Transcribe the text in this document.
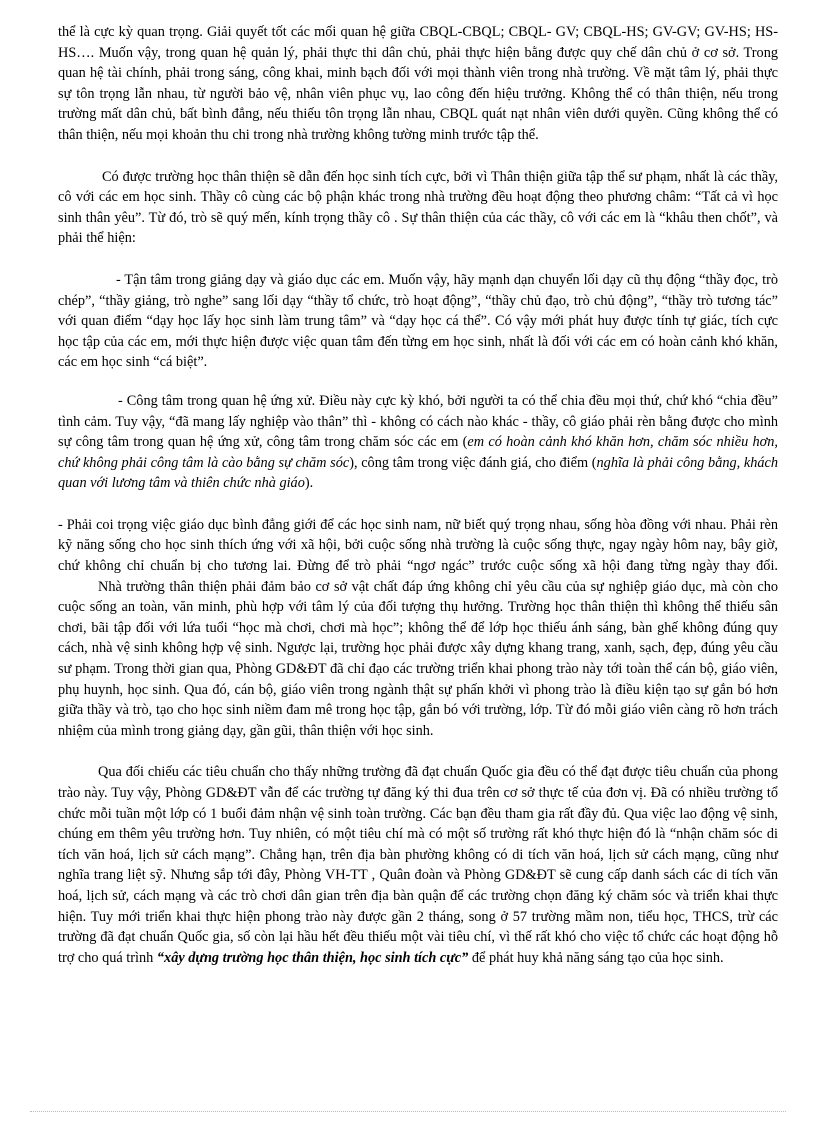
thể là cực kỳ quan trọng. Giải quyết tốt các mối quan hệ giữa CBQL-CBQL; CBQL- GV; CBQL-HS; GV-GV; GV-HS; HS-HS…. Muốn vậy, trong quan hệ quản lý, phải thực thi dân chủ, phải thực hiện bằng được quy chế dân chủ ở cơ sở. Trong quan hệ tài chính, phải trong sáng, công khai, minh bạch đối với mọi thành viên trong nhà trường. Về mặt tâm lý, phải thực sự tôn trọng lẫn nhau, từ người bảo vệ, nhân viên phục vụ, lao công đến hiệu trưởng. Không thể có thân thiện, nếu trong trường mất dân chủ, bất bình đẳng, nếu thiếu tôn trọng lẫn nhau, CBQL quát nạt nhân viên dưới quyền. Cũng không thể có thân thiện, nếu mọi khoản thu chi trong nhà trường không tường minh trước tập thể.

Có được trường học thân thiện sẽ dẫn đến học sinh tích cực, bởi vì Thân thiện giữa tập thể sư phạm, nhất là các thầy, cô với các em học sinh. Thầy cô cùng các bộ phận khác trong nhà trường đều hoạt động theo phương châm: “Tất cả vì học sinh thân yêu”. Từ đó, trò sẽ quý mến, kính trọng thầy cô . Sự thân thiện của các thầy, cô với các em là “khâu then chốt”, và phải thể hiện:

- Tận tâm trong giảng dạy và giáo dục các em. Muốn vậy, hãy mạnh dạn chuyển lối dạy cũ thụ động “thầy đọc, trò chép”, “thầy giảng, trò nghe” sang lối dạy “thầy tổ chức, trò hoạt động”, “thầy chủ đạo, trò chủ động”, “thầy trò tương tác” với quan điểm “dạy học lấy học sinh làm trung tâm” và “dạy học cá thể”. Có vậy mới phát huy được tính tự giác, tích cực học tập của các em, mới thực hiện được việc quan tâm đến từng em học sinh, nhất là đối với các em có hoàn cảnh khó khăn, các em học sinh “cá biệt”.

- Công tâm trong quan hệ ứng xử. Điều này cực kỳ khó, bởi người ta có thể chia đều mọi thứ, chứ khó “chia đều” tình cảm. Tuy vậy, “đã mang lấy nghiệp vào thân” thì - không có cách nào khác - thầy, cô giáo phải rèn bằng được cho mình sự công tâm trong quan hệ ứng xử, công tâm trong chăm sóc các em (em có hoàn cảnh khó khăn hơn, chăm sóc nhiều hơn, chứ không phải công tâm là cào bằng sự chăm sóc), công tâm trong việc đánh giá, cho điểm (nghĩa là phải công bằng, khách quan với lương tâm và thiên chức nhà giáo).

- Phải coi trọng việc giáo dục bình đẳng giới để các học sinh nam, nữ biết quý trọng nhau, sống hòa đồng với nhau. Phải rèn kỹ năng sống cho học sinh thích ứng với xã hội, bởi cuộc sống nhà trường là cuộc sống thực, ngay ngày hôm nay, bây giờ, chứ không chỉ chuẩn bị cho tương lai. Đừng để trò phải “ngơ ngác” trước cuộc sống xã hội đang từng ngày thay đổi.

Nhà trường thân thiện phải đảm bảo cơ sở vật chất đáp ứng không chỉ yêu cầu của sự nghiệp giáo dục, mà còn cho cuộc sống an toàn, văn minh, phù hợp với tâm lý của đối tượng thụ hưởng. Trường học thân thiện thì không thể thiếu sân chơi, bãi tập đối với lứa tuổi “học mà chơi, chơi mà học”; không thể để lớp học thiếu ánh sáng, bàn ghế không đúng quy cách, nhà vệ sinh không hợp vệ sinh. Ngược lại, trường học phải được xây dựng khang trang, xanh, sạch, đẹp, đúng yêu cầu sư phạm. Trong thời gian qua, Phòng GD&ĐT đã chỉ đạo các trường triển khai phong trào này tới toàn thể cán bộ, giáo viên, phụ huynh, học sinh. Qua đó, cán bộ, giáo viên trong ngành thật sự phấn khởi vì phong trào là điều kiện tạo sự gắn bó hơn giữa thầy và trò, tạo cho học sinh niềm đam mê trong học tập, gắn bó với trường, lớp. Từ đó mỗi giáo viên càng rõ hơn trách nhiệm của mình trong giảng dạy, gần gũi, thân thiện với học sinh.

Qua đối chiếu các tiêu chuẩn cho thấy những trường đã đạt chuẩn Quốc gia đều có thể đạt được tiêu chuẩn của phong trào này. Tuy vậy, Phòng GD&ĐT vẫn để các trường tự đăng ký thi đua trên cơ sở thực tế của đơn vị. Đã có nhiều trường tổ chức mỗi tuần một lớp có 1 buổi đảm nhận vệ sinh toàn trường. Các bạn đều tham gia rất đầy đủ. Qua việc lao động vệ sinh, chúng em thêm yêu trường hơn. Tuy nhiên, có một tiêu chí mà có một số trường rất khó thực hiện đó là “nhận chăm sóc di tích văn hoá, lịch sử cách mạng”. Chẳng hạn, trên địa bàn phường không có di tích văn hoá, lịch sử cách mạng, cũng như nghĩa trang liệt sỹ. Nhưng sắp tới đây, Phòng VH-TT , Quân đoàn và Phòng GD&ĐT sẽ cung cấp danh sách các di tích văn hoá, lịch sử, cách mạng và các trò chơi dân gian trên địa bàn quận để các trường chọn đăng ký chăm sóc và triển khai thực hiện. Tuy mới triển khai thực hiện phong trào này được gần 2 tháng, song ở 57 trường mầm non, tiểu học, THCS, trừ các trường đã đạt chuẩn Quốc gia, số còn lại hầu hết đều thiếu một vài tiêu chí, vì thế rất khó cho việc tổ chức các hoạt động hỗ trợ cho quá trình “xây dựng trường học thân thiện, học sinh tích cực” để phát huy khả năng sáng tạo của học sinh.
